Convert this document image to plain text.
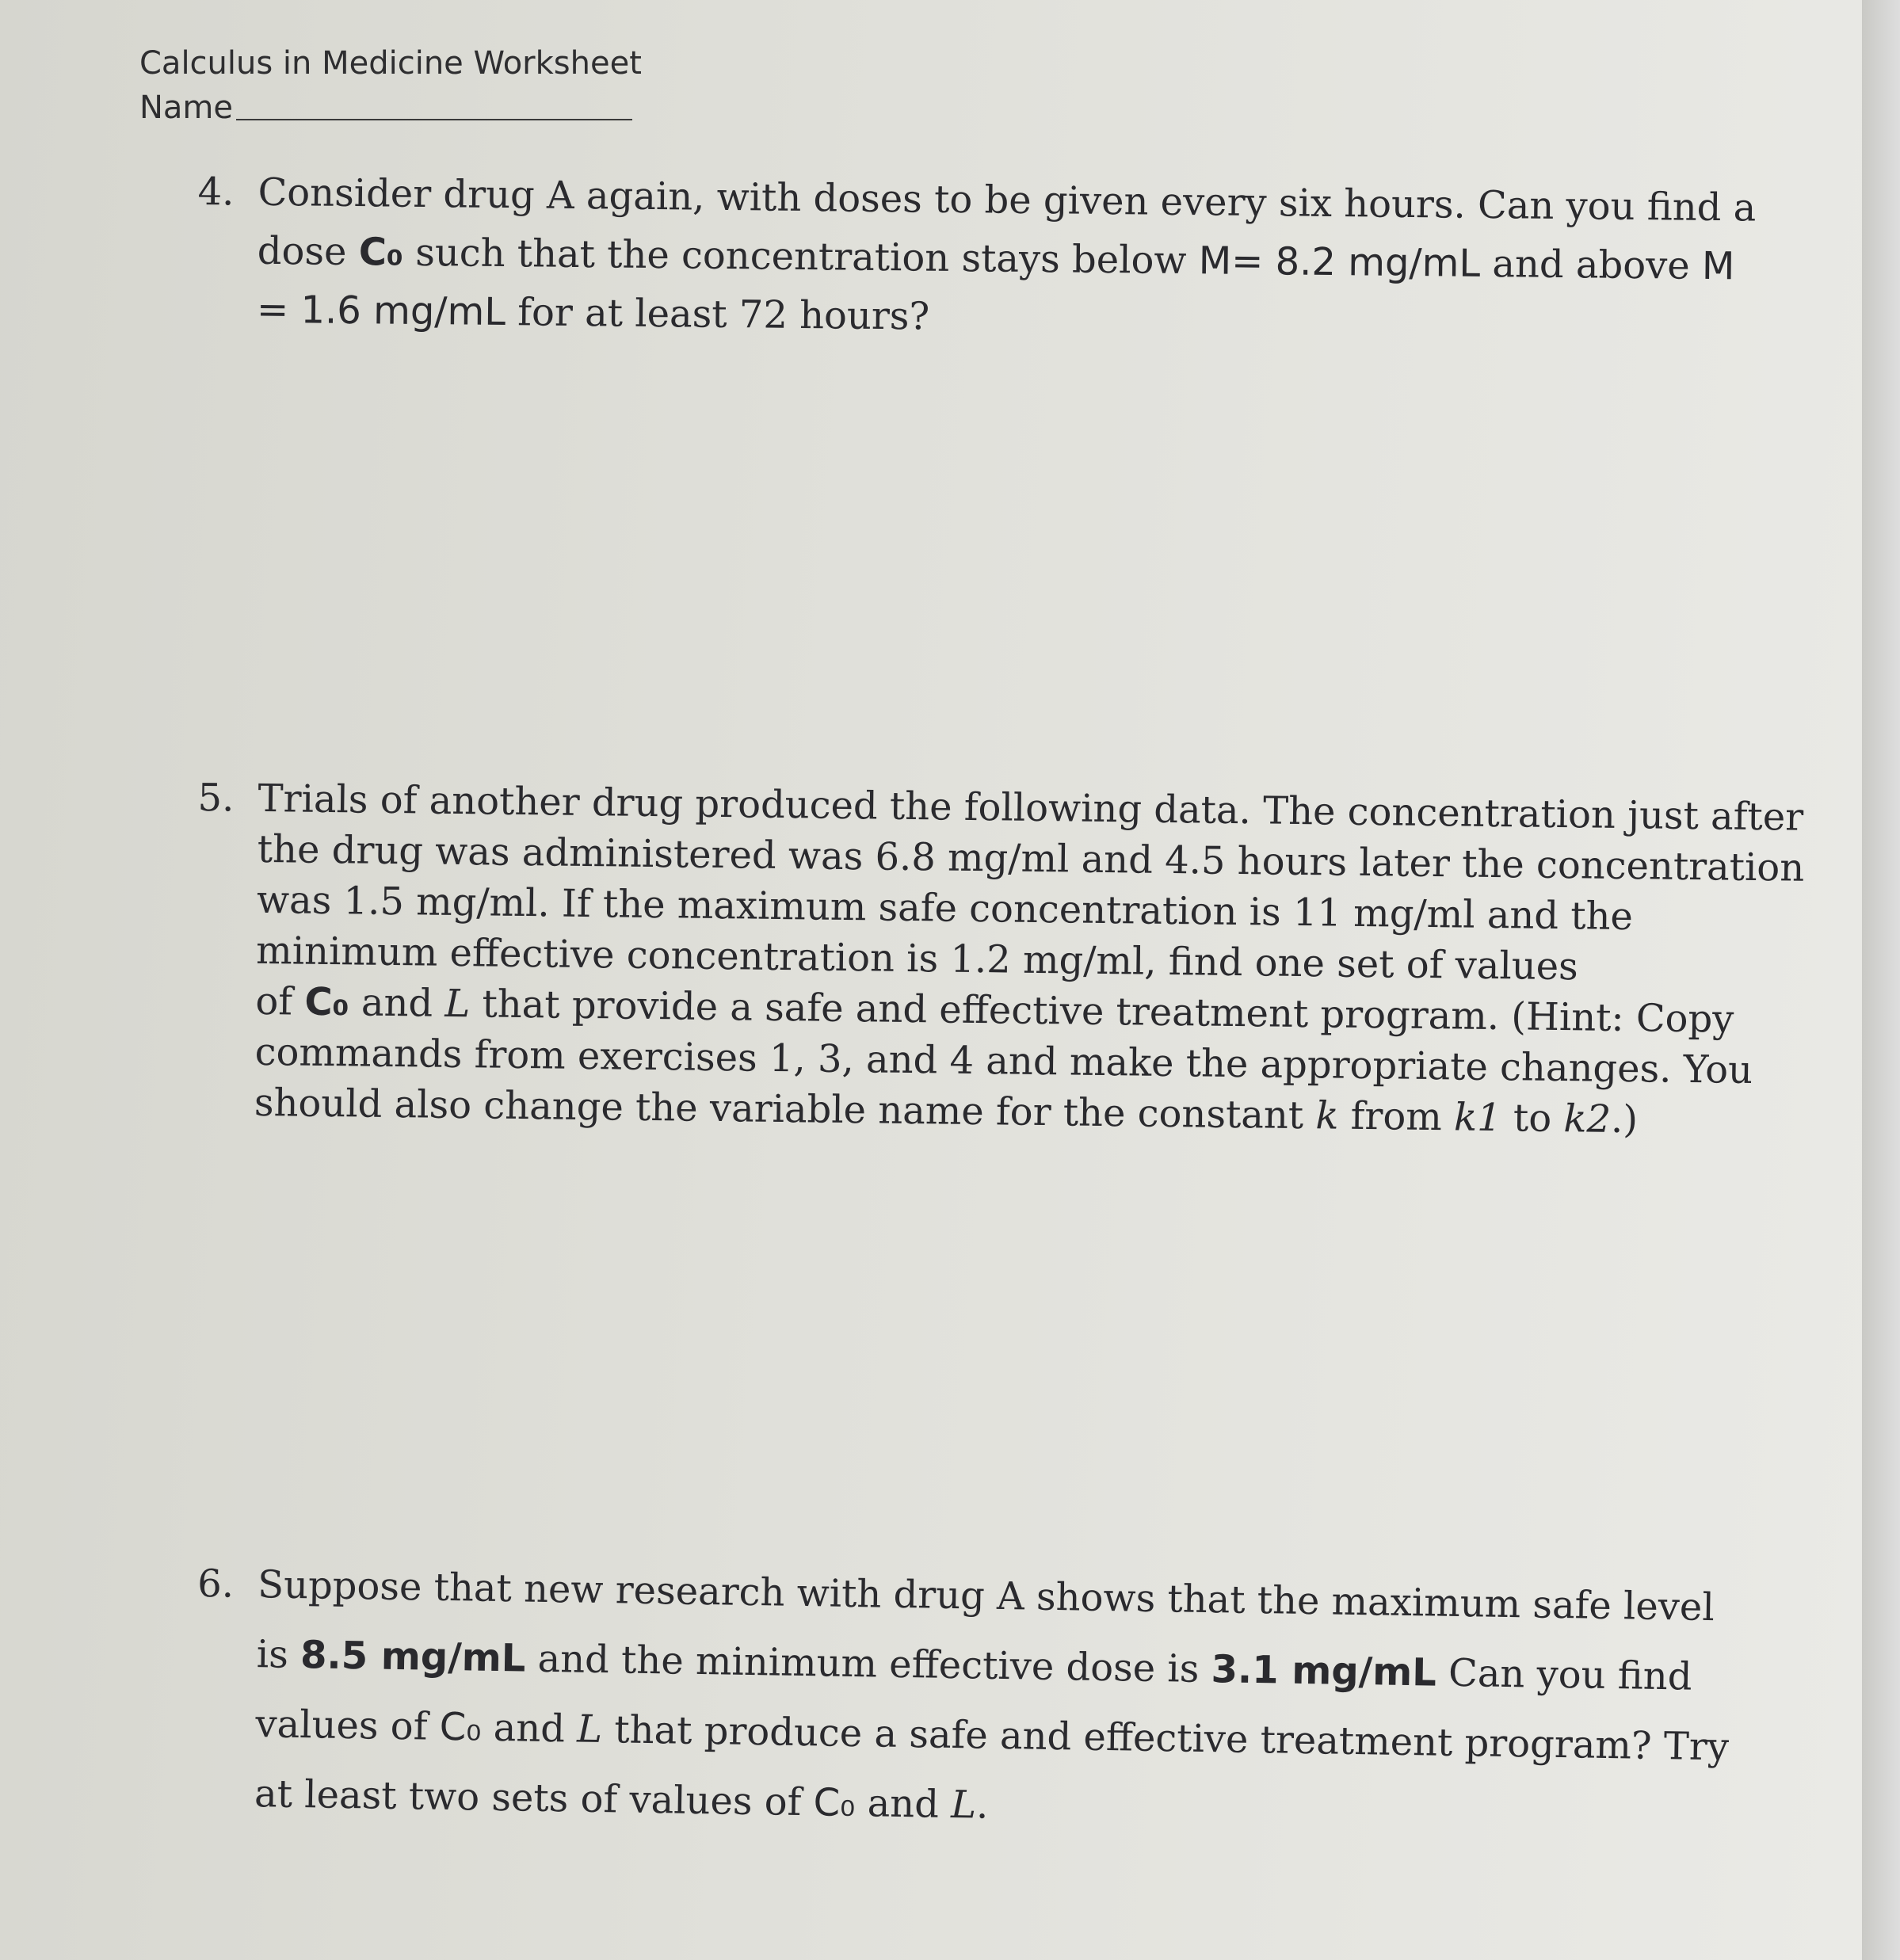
Calculus in Medicine Worksheet
Name
4. Consider drug A again, with doses to be given every six hours. Can you find a
dose C₀ such that the concentration stays below M= 8.2 mg/mL and above M
= 1.6 mg/mL for at least 72 hours?
5. Trials of another drug produced the following data. The concentration just after
the drug was administered was 6.8 mg/ml and 4.5 hours later the concentration
was 1.5 mg/ml. If the maximum safe concentration is 11 mg/ml and the
minimum effective concentration is 1.2 mg/ml, find one set of values
of C₀ and L that provide a safe and effective treatment program. (Hint: Copy
commands from exercises 1, 3, and 4 and make the appropriate changes. You
should also change the variable name for the constant k from k1 to k2.)
6. Suppose that new research with drug A shows that the maximum safe level
is 8.5 mg/mL and the minimum effective dose is 3.1 mg/mL Can you find
values of C₀ and L that produce a safe and effective treatment program? Try
at least two sets of values of C₀ and L.
